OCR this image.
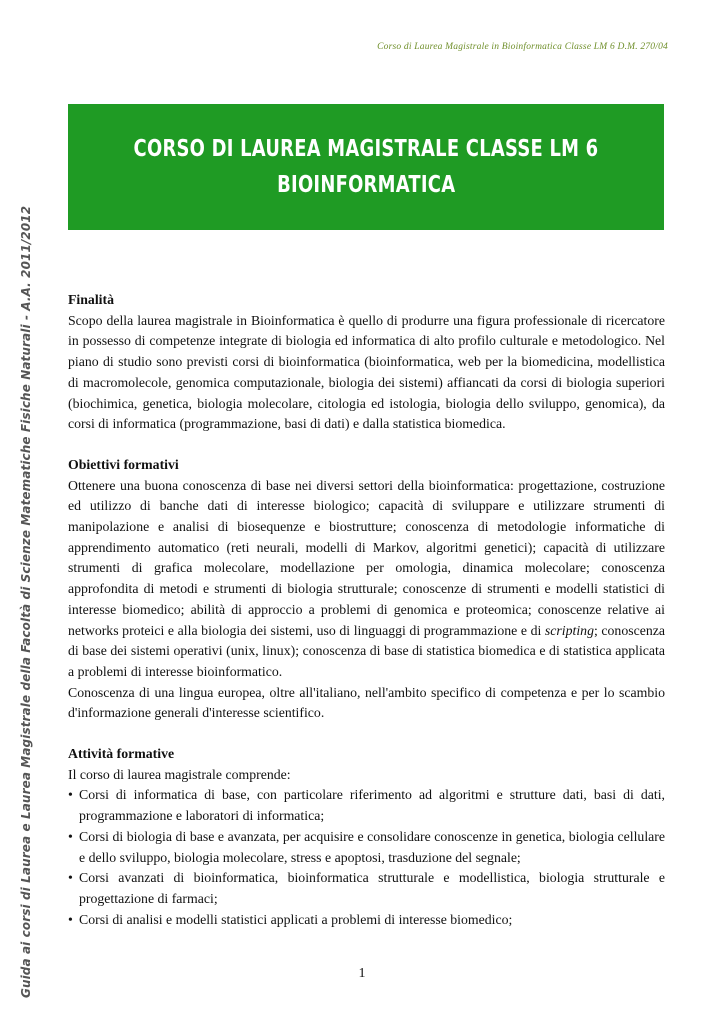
Corso di Laurea Magistrale in Bioinformatica Classe LM 6 D.M. 270/04
CORSO DI LAUREA MAGISTRALE CLASSE LM 6
BIOINFORMATICA
Guida ai corsi di Laurea e Laurea Magistrale della Facoltà di Scienze Matematiche Fisiche Naturali - A.A. 2011/2012	Finalità

Scopo della laurea magistrale in Bioinformatica è quello di produrre una figura professionale di ricercatore in possesso di competenze integrate di biologia ed informatica di alto profilo culturale e metodologico. Nel piano di studio sono previsti corsi di bioinformatica (bioinformatica, web per la biomedicina, modellistica di macromolecole, genomica computazionale, biologia dei sistemi) affiancati da corsi di biologia superiori (biochimica, genetica, biologia molecolare, citologia ed istologia, biologia dello sviluppo, genomica), da corsi di informatica (programmazione, basi di dati) e dalla statistica biomedica.

Obiettivi formativi

Ottenere una buona conoscenza di base nei diversi settori della bioinformatica: progettazione, costruzione ed utilizzo di banche dati di interesse biologico; capacità di sviluppare e utilizzare strumenti di manipolazione e analisi di biosequenze e biostrutture; conoscenza di metodologie informatiche di apprendimento automatico (reti neurali, modelli di Markov, algoritmi genetici); capacità di utilizzare strumenti di grafica molecolare, modellazione per omologia, dinamica molecolare; conoscenza approfondita di metodi e strumenti di biologia strutturale; conoscenze di strumenti e modelli statistici di interesse biomedico; abilità di approccio a problemi di genomica e proteomica; conoscenze relative ai networks proteici e alla biologia dei sistemi, uso di linguaggi di programmazione e di scripting; conoscenza di base dei sistemi operativi (unix, linux); conoscenza di base di statistica biomedica e di statistica applicata a problemi di interesse bioinformatico.

Conoscenza di una lingua europea, oltre all'italiano, nell'ambito specifico di competenza e per lo scambio d'informazione generali d'interesse scientifico.

Attività formative

Il corso di laurea magistrale comprende:

• Corsi di informatica di base, con particolare riferimento ad algoritmi e strutture dati, basi di dati, programmazione e laboratori di informatica;
• Corsi di biologia di base e avanzata, per acquisire e consolidare conoscenze in genetica, biologia cellulare e dello sviluppo, biologia molecolare, stress e apoptosi, trasduzione del segnale;
• Corsi avanzati di bioinformatica, bioinformatica strutturale e modellistica, biologia strutturale e progettazione di farmaci;
• Corsi di analisi e modelli statistici applicati a problemi di interesse biomedico;
1
